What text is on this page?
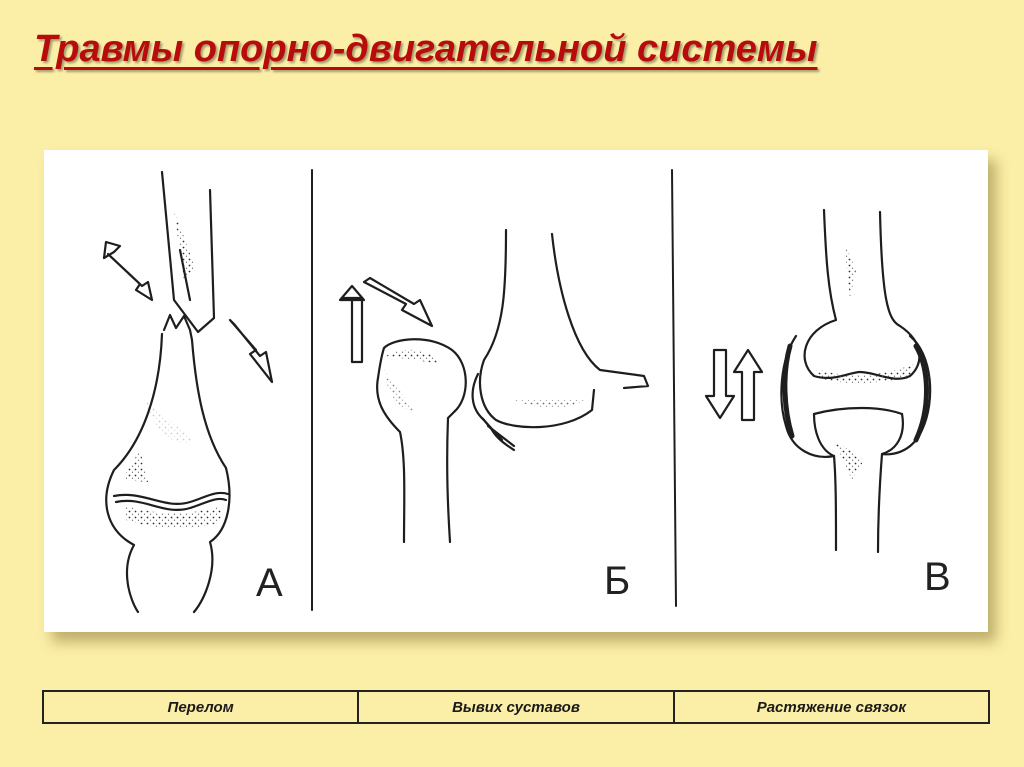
Травмы опорно-двигательной системы
А	Б	В
Перелом	Вывих суставов	Растяжение связок
